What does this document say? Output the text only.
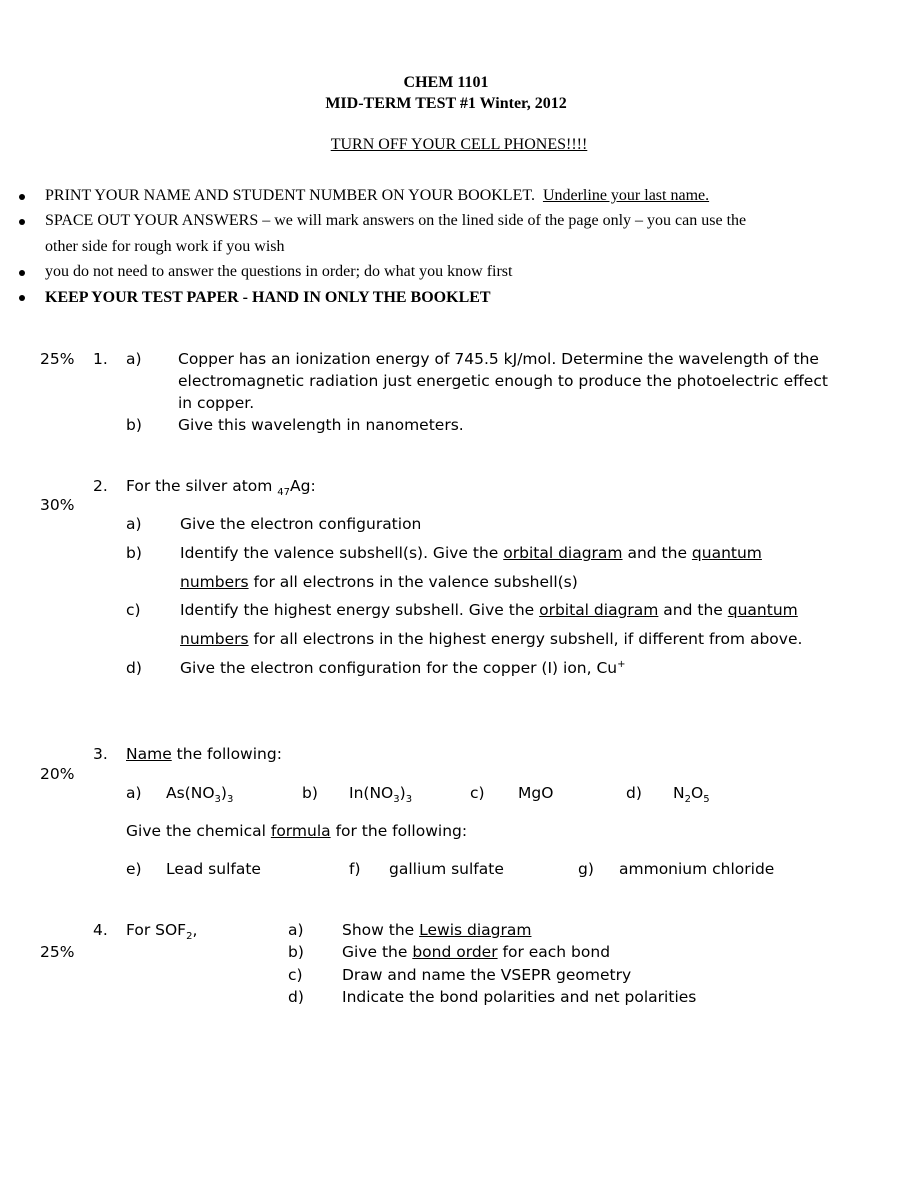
CHEM 1101
MID-TERM TEST #1 Winter, 2012
TURN OFF YOUR CELL PHONES!!!!
PRINT YOUR NAME AND STUDENT NUMBER ON YOUR BOOKLET. Underline your last name.
SPACE OUT YOUR ANSWERS – we will mark answers on the lined side of the page only – you can use the
other side for rough work if you wish
you do not need to answer the questions in order; do what you know first
KEEP YOUR TEST PAPER - HAND IN ONLY THE BOOKLET
25% 1. a) Copper has an ionization energy of 745.5 kJ/mol. Determine the wavelength of the
electromagnetic radiation just energetic enough to produce the photoelectric effect
in copper.
b) Give this wavelength in nanometers.
2. For the silver atom $_{47}$Ag:
30%
a) Give the electron configuration
b) Identify the valence subshell(s). Give the orbital diagram and the quantum
numbers for all electrons in the valence subshell(s)
c)	Identify the highest energy subshell. Give the orbital diagram and the quantum
numbers for all electrons in the highest energy subshell, if different from above.
d) Give the electron configuration for the copper (I) ion, Cu+
3. Name the following:
20%
a) $As(NO_3)_3$	b) $In(NO_3)_3$	c) MgO	d) $N_2O_5$
Give the chemical formula for the following:
e) Lead sulfate	f) gallium sulfate	g) ammonium chloride
4. For $SOF_2$,
25%
a) Show the Lewis diagram
b) Give the bond order for each bond
c)	Draw and name the VSEPR geometry
d) Indicate the bond polarities and net polarities
